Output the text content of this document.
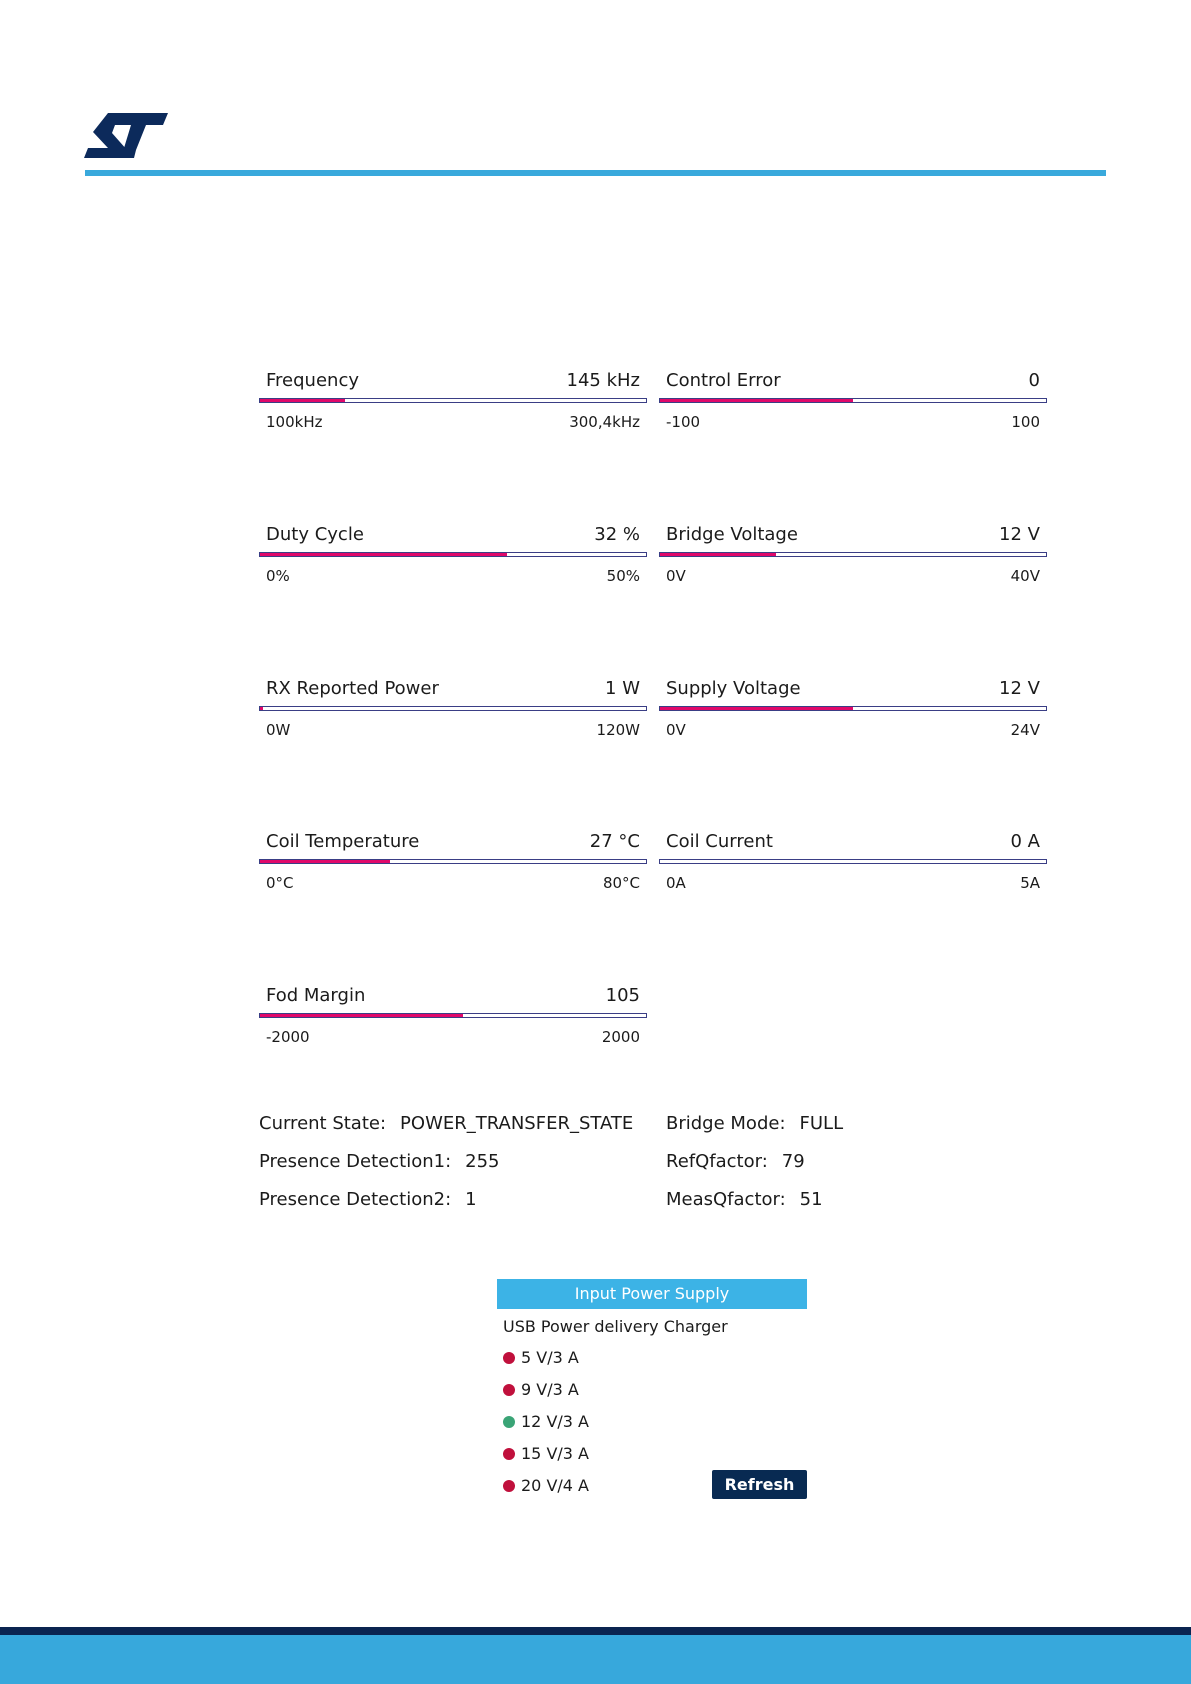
Frequency	145 kHz
100kHz	300,4kHz
Control Error	0
-100	100
Duty Cycle	32 %
0%	50%
Bridge Voltage	12 V
0V	40V
RX Reported Power	1 W
0W	120W
Supply Voltage	12 V
0V	24V
Coil Temperature	27 °C
0°C	80°C
Coil Current	0 A
0A	5A
Fod Margin	105
-2000	2000
Current State: POWER_TRANSFER_STATE Bridge Mode: FULL
Presence Detection1: 255	RefQfactor: 79
Presence Detection2: 1	MeasQfactor: 51
Input Power Supply
USB Power delivery Charger
5 V/3 A
9 V/3 A
12 V/3 A
15 V/3 A
20 V/4 A	Refresh
